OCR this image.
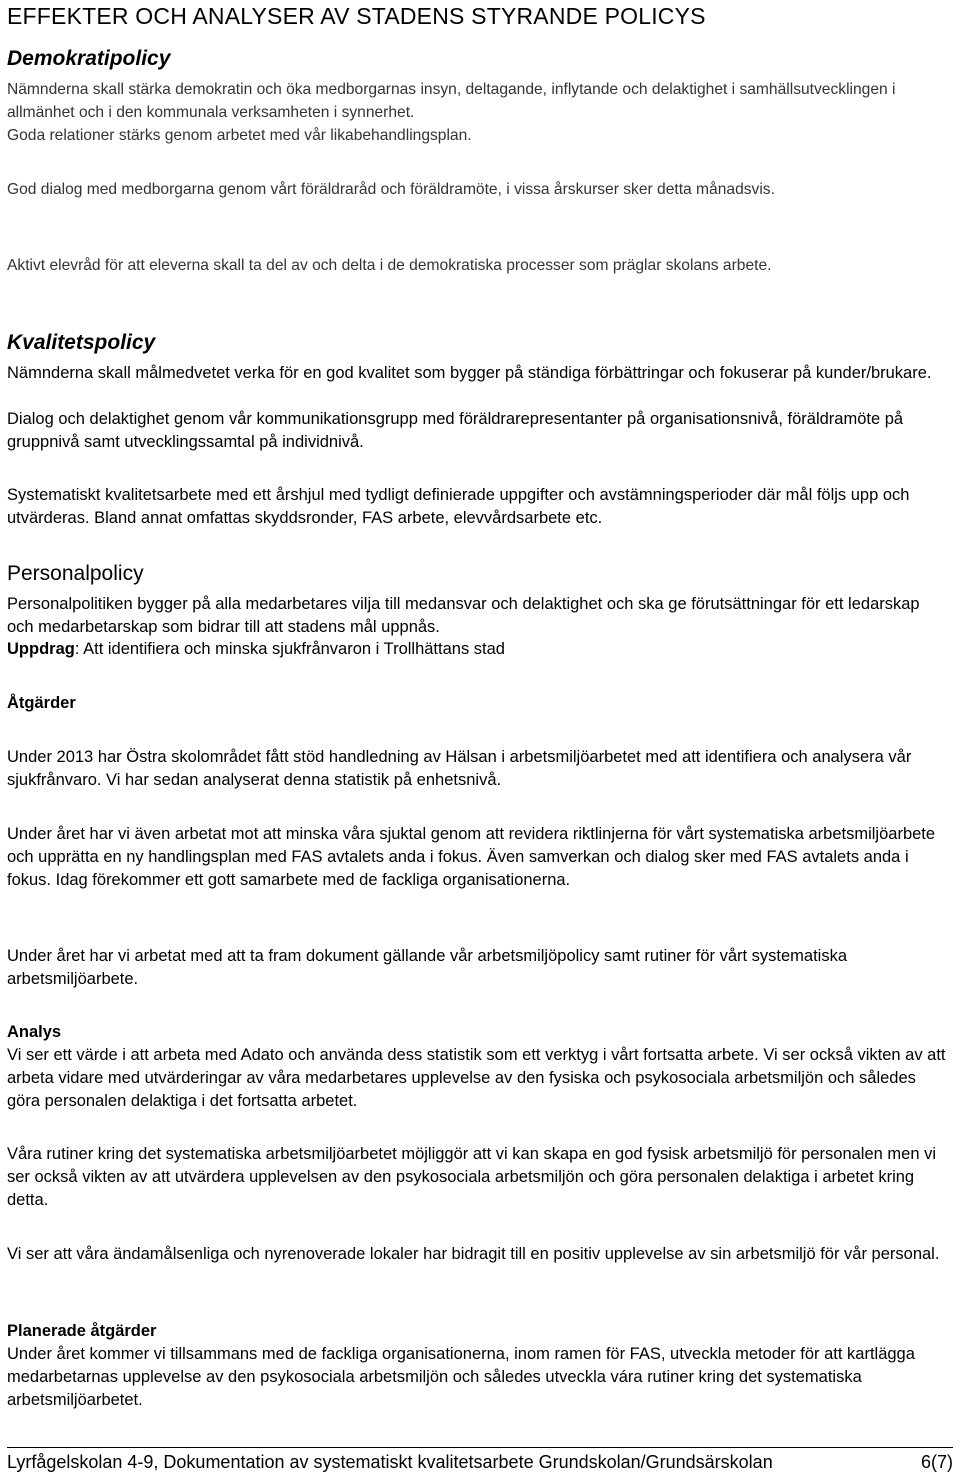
EFFEKTER OCH ANALYSER AV STADENS STYRANDE POLICYS
Demokratipolicy

Nämnderna skall stärka demokratin och öka medborgarnas insyn, deltagande, inflytande och delaktighet i samhällsutvecklingen i allmänhet och i den kommunala verksamheten i synnerhet.

Goda relationer stärks genom arbetet med vår likabehandlingsplan.

God dialog med medborgarna genom vårt föräldraråd och föräldramöte, i vissa årskurser sker detta månadsvis.

Aktivt elevråd för att eleverna skall ta del av och delta i de demokratiska processer som präglar skolans arbete.

Kvalitetspolicy

Nämnderna skall målmedvetet verka för en god kvalitet som bygger på ständiga förbättringar och fokuserar på kunder/brukare.

Dialog och delaktighet genom vår kommunikationsgrupp med föräldrarepresentanter på organisationsnivå, föräldramöte på gruppnivå samt utvecklingssamtal på individnivå.

Systematiskt kvalitetsarbete med ett årshjul med tydligt definierade uppgifter och avstämningsperioder där mål följs upp och utvärderas. Bland annat omfattas skyddsronder, FAS arbete, elevvårdsarbete etc.

Personalpolicy

Personalpolitiken bygger på alla medarbetares vilja till medansvar och delaktighet och ska ge förutsättningar för ett ledarskap och medarbetarskap som bidrar till att stadens mål uppnås.

Uppdrag: Att identifiera och minska sjukfrånvaron i Trollhättans stad

Åtgärder

Under 2013 har Östra skolområdet fått stöd handledning av Hälsan i arbetsmiljöarbetet med att identifiera och analysera vår sjukfrånvaro. Vi har sedan analyserat denna statistik på enhetsnivå.

Under året har vi även arbetat mot att minska våra sjuktal genom att revidera riktlinjerna för vårt systematiska arbetsmiljöarbete och upprätta en ny handlingsplan med FAS avtalets anda i fokus. Även samverkan och dialog sker med FAS avtalets anda i fokus. Idag förekommer ett gott samarbete med de fackliga organisationerna.

Under året har vi arbetat med att ta fram dokument gällande vår arbetsmiljöpolicy samt rutiner för vårt systematiska arbetsmiljöarbete.

Analys

Vi ser ett värde i att arbeta med Adato och använda dess statistik som ett verktyg i vårt fortsatta arbete. Vi ser också vikten av att arbeta vidare med utvärderingar av våra medarbetares upplevelse av den fysiska och psykosociala arbetsmiljön och således göra personalen delaktiga i det fortsatta arbetet.

Våra rutiner kring det systematiska arbetsmiljöarbetet möjliggör att vi kan skapa en god fysisk arbetsmiljö för personalen men vi ser också vikten av att utvärdera upplevelsen av den psykosociala arbetsmiljön och göra personalen delaktiga i arbetet kring detta.

Vi ser att våra ändamålsenliga och nyrenoverade lokaler har bidragit till en positiv upplevelse av sin arbetsmiljö för vår personal.

Planerade åtgärder

Under året kommer vi tillsammans med de fackliga organisationerna, inom ramen för FAS, utveckla metoder för att kartlägga medarbetarnas upplevelse av den psykosociala arbetsmiljön och således utveckla vára rutiner kring det systematiska arbetsmiljöarbetet.

Lyrfågelskolan 4-9, Dokumentation av systematiskt kvalitetsarbete Grundskolan/Grundsärskolan	6(7)
